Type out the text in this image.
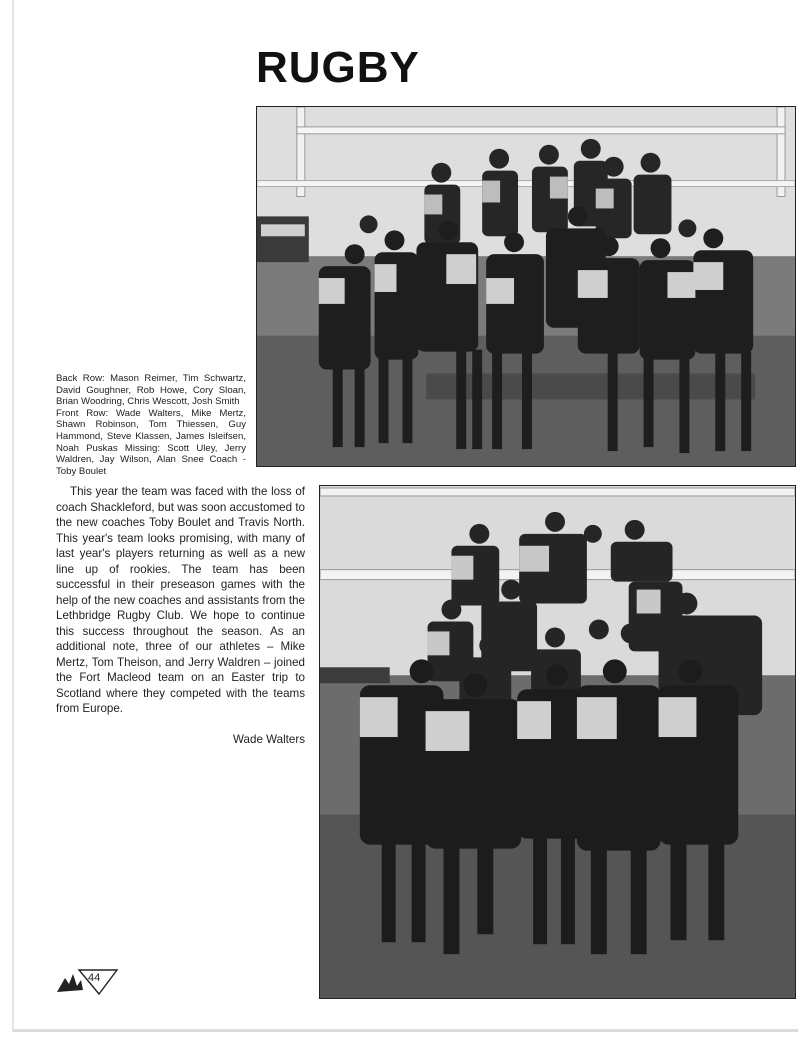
RUGBY

Back Row: Mason Reimer, Tim Schwartz, David Goughner, Rob Howe, Cory Sloan, Brian Woodring, Chris Wescott, Josh Smith

Front Row: Wade Walters, Mike Mertz, Shawn Robinson, Tom Thiessen, Guy Hammond, Steve Klassen, James Isleifsen, Noah Puskas Missing: Scott Uley, Jerry Waldren, Jay Wilson, Alan Snee Coach - Toby Boulet

This year the team was faced with the loss of coach Shackleford, but was soon accustomed to the new coaches Toby Boulet and Travis North. This year's team looks promising, with many of last year's players returning as well as a new line up of rookies. The team has been successful in their preseason games with the help of the new coaches and assistants from the Lethbridge Rugby Club. We hope to continue this success throughout the season. As an additional note, three of our athletes – Mike Mertz, Tom Theison, and Jerry Waldren – joined the Fort Macleod team on an Easter trip to Scotland where they competed with the teams from Europe.

Wade Walters
44
